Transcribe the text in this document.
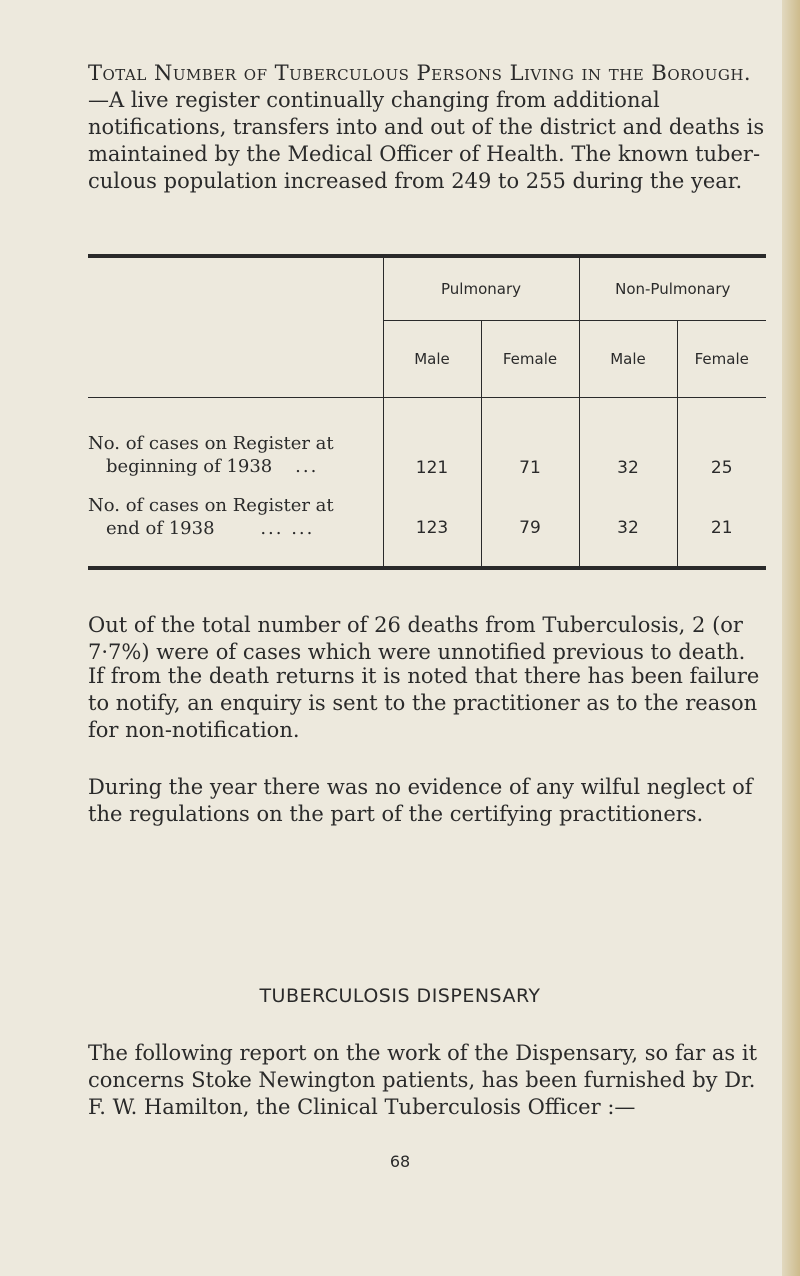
Total Number of Tuberculous Persons Living in the Borough.—A live register continually changing from additional notifications, transfers into and out of the district and deaths is maintained by the Medical Officer of Health. The known tuber- culous population increased from 249 to 255 during the year.

	Pulmonary		Non-Pulmonary	
	Male	Female	Male	Female

No. of cases on Register at
beginning of 1938 ...	121	71	32	25

No. of cases on Register at
end of 1938 ... ...	123	79	32	21

Out of the total number of 26 deaths from Tuberculosis, 2 (or 7·7%) were of cases which were unnotified previous to death.

If from the death returns it is noted that there has been failure to notify, an enquiry is sent to the practitioner as to the reason for non-notification.

During the year there was no evidence of any wilful neglect of the regulations on the part of the certifying practitioners.

TUBERCULOSIS DISPENSARY

The following report on the work of the Dispensary, so far as it concerns Stoke Newington patients, has been furnished by Dr. F. W. Hamilton, the Clinical Tuberculosis Officer :—

68
